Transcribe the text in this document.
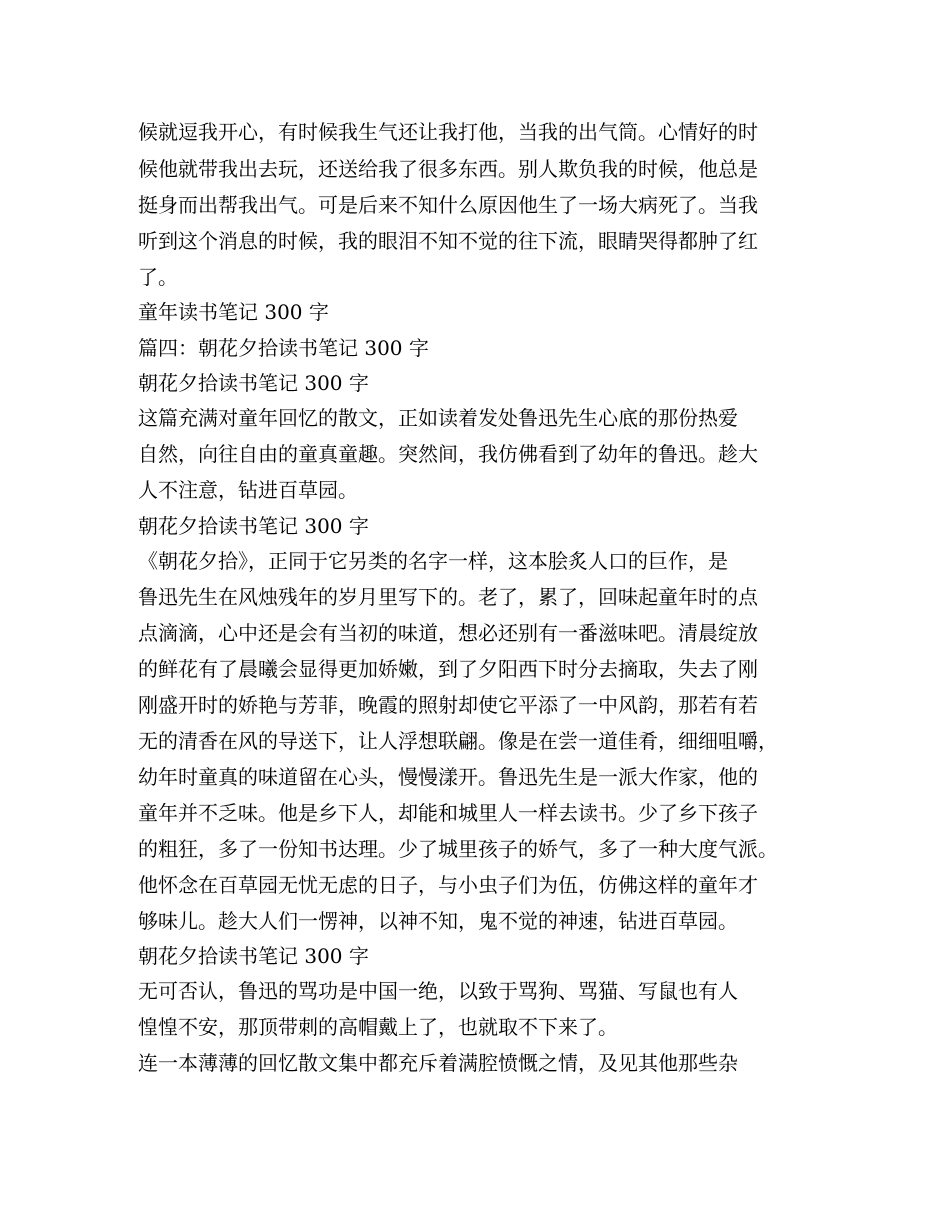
候就逗我开心，有时候我生气还让我打他，当我的出气筒。心情好的时
候他就带我出去玩，还送给我了很多东西。别人欺负我的时候，他总是
挺身而出帮我出气。可是后来不知什么原因他生了一场大病死了。当我
听到这个消息的时候，我的眼泪不知不觉的往下流，眼睛哭得都肿了红
了。
童年读书笔记 300 字
篇四：朝花夕拾读书笔记 300 字
朝花夕拾读书笔记 300 字
这篇充满对童年回忆的散文，正如读着发处鲁迅先生心底的那份热爱
自然，向往自由的童真童趣。突然间，我仿佛看到了幼年的鲁迅。趁大
人不注意，钻进百草园。
朝花夕拾读书笔记 300 字
《朝花夕拾》，正同于它另类的名字一样，这本脍炙人口的巨作，是
鲁迅先生在风烛残年的岁月里写下的。老了，累了，回味起童年时的点
点滴滴，心中还是会有当初的味道，想必还别有一番滋味吧。清晨绽放
的鲜花有了晨曦会显得更加娇嫩，到了夕阳西下时分去摘取，失去了刚
刚盛开时的娇艳与芳菲，晚霞的照射却使它平添了一中风韵，那若有若
无的清香在风的导送下，让人浮想联翩。像是在尝一道佳肴，细细咀嚼，
幼年时童真的味道留在心头，慢慢漾开。鲁迅先生是一派大作家，他的
童年并不乏味。他是乡下人，却能和城里人一样去读书。少了乡下孩子
的粗狂，多了一份知书达理。少了城里孩子的娇气，多了一种大度气派。
他怀念在百草园无忧无虑的日子，与小虫子们为伍，仿佛这样的童年才
够味儿。趁大人们一愣神，以神不知，鬼不觉的神速，钻进百草园。
朝花夕拾读书笔记 300 字
无可否认，鲁迅的骂功是中国一绝，以致于骂狗、骂猫、写鼠也有人
惶惶不安，那顶带刺的高帽戴上了，也就取不下来了。
连一本薄薄的回忆散文集中都充斥着满腔愤慨之情，及见其他那些杂
